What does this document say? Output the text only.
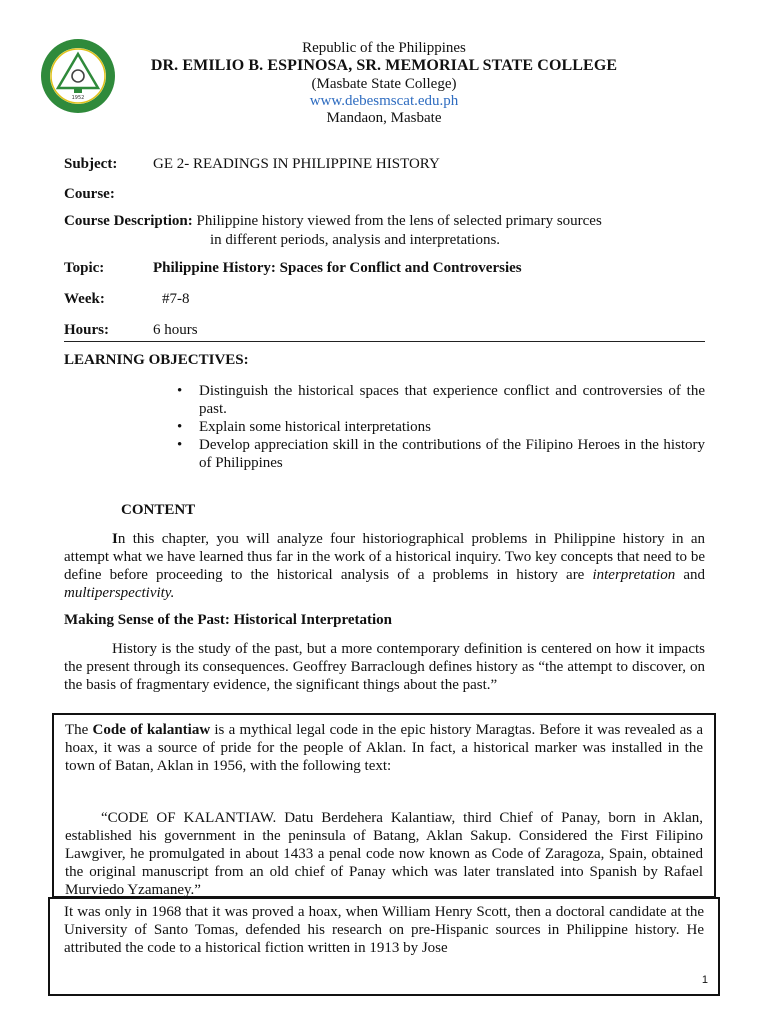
1952
Republic of the Philippines
DR. EMILIO B. ESPINOSA, SR. MEMORIAL STATE COLLEGE
(Masbate State College)
www.debesmscat.edu.ph
Mandaon, Masbate
Subject: GE 2- READINGS IN PHILIPPINE HISTORY
Course:
Course Description: Philippine history viewed from the lens of selected primary sources
in different periods, analysis and interpretations.
Topic:	Philippine History: Spaces for Conflict and Controversies
Week:	#7-8
Hours:	6 hours
LEARNING OBJECTIVES:
• Distinguish the historical spaces that experience conflict and controversies of the past.
• Explain some historical interpretations
• Develop appreciation skill in the contributions of the Filipino Heroes in the history of Philippines
CONTENT
In this chapter, you will analyze four historiographical problems in Philippine history in an attempt what we have learned thus far in the work of a historical inquiry. Two key concepts that need to be define before proceeding to the historical analysis of a problems in history are interpretation and multiperspectivity.
Making Sense of the Past: Historical Interpretation
History is the study of the past, but a more contemporary definition is centered on how it impacts the present through its consequences. Geoffrey Barraclough defines history as “the attempt to discover, on the basis of fragmentary evidence, the significant things about the past.”
The Code of kalantiaw is a mythical legal code in the epic history Maragtas. Before it was revealed as a hoax, it was a source of pride for the people of Aklan. In fact, a historical marker was installed in the town of Batan, Aklan in 1956, with the following text:
“CODE OF KALANTIAW. Datu Berdehera Kalantiaw, third Chief of Panay, born in Aklan, established his government in the peninsula of Batang, Aklan Sakup. Considered the First Filipino Lawgiver, he promulgated in about 1433 a penal code now known as Code of Zaragoza, Spain, obtained the original manuscript from an old chief of Panay which was later translated into Spanish by Rafael Murviedo Yzamaney.”
It was only in 1968 that it was proved a hoax, when William Henry Scott, then a doctoral candidate at the University of Santo Tomas, defended his research on pre-Hispanic sources in Philippine history. He attributed the code to a historical fiction written in 1913 by Jose
1
